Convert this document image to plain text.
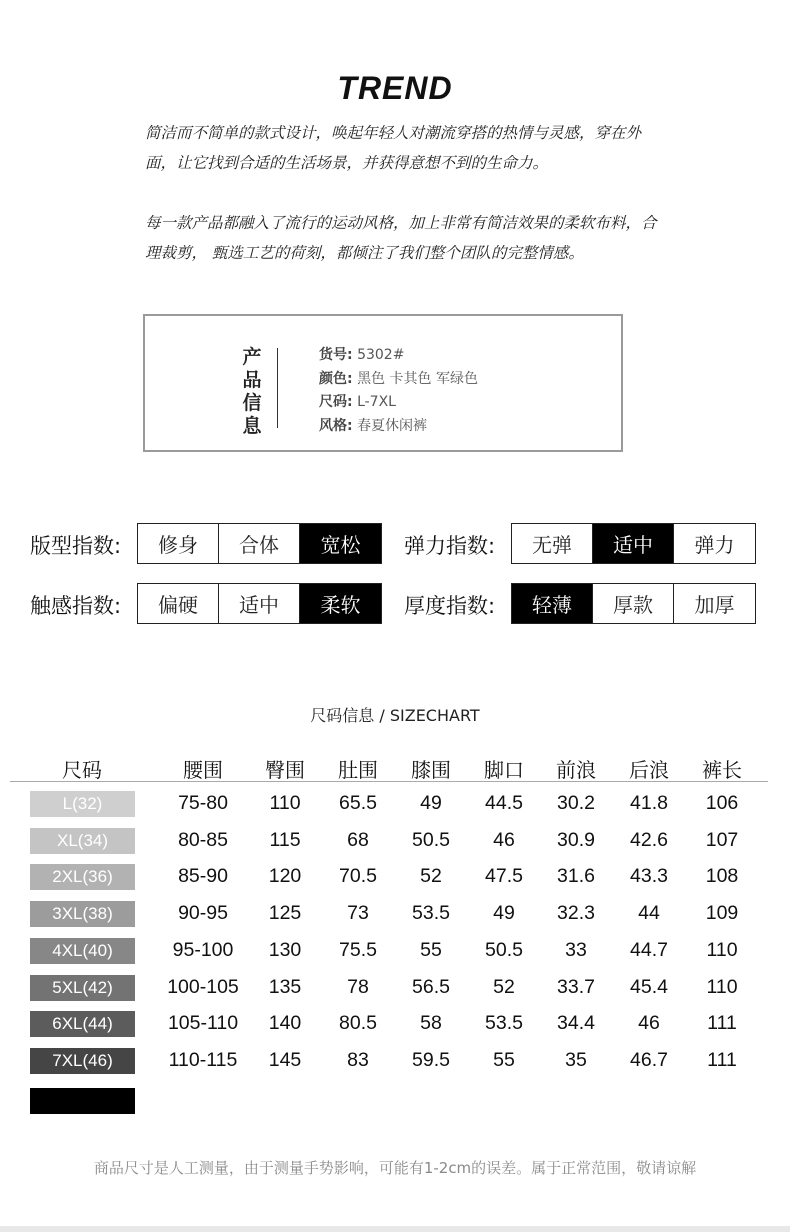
TREND

简洁而不简单的款式设计，唤起年轻人对潮流穿搭的热情与灵感，穿在外面，让它找到合适的生活场景，并获得意想不到的生命力。

每一款产品都融入了流行的运动风格，加上非常有简洁效果的柔软布料，合理裁剪， 甄选工艺的荷刻，都倾注了我们整个团队的完整情感。

产
品
信
息
货号: 5302#
颜色: 黑色 卡其色 军绿色
尺码: L-7XL
风格: 春夏休闲裤
版型指数:	修身	合体	宽松	弹力指数:	无弹	适中	弹力
触感指数:	偏硬	适中	柔软	厚度指数:	轻薄	厚款	加厚
尺码信息 / SIZECHART
尺码	腰围	臀围	肚围	膝围	脚口	前浪	后浪	裤长
L(32)	75-80	110	65.5	49	44.5	30.2	41.8	106
XL(34)	80-85	115	68	50.5	46	30.9	42.6	107
2XL(36)	85-90	120	70.5	52	47.5	31.6	43.3	108
3XL(38)	90-95	125	73	53.5	49	32.3	44	109
4XL(40)	95-100	130	75.5	55	50.5	33	44.7	110
5XL(42)	100-105	135	78	56.5	52	33.7	45.4	110
6XL(44)	105-110	140	80.5	58	53.5	34.4	46	111
7XL(46)	110-115	145	83	59.5	55	35	46.7	111
商品尺寸是人工测量，由于测量手势影响，可能有1-2cm的误差。属于正常范围，敬请谅解
